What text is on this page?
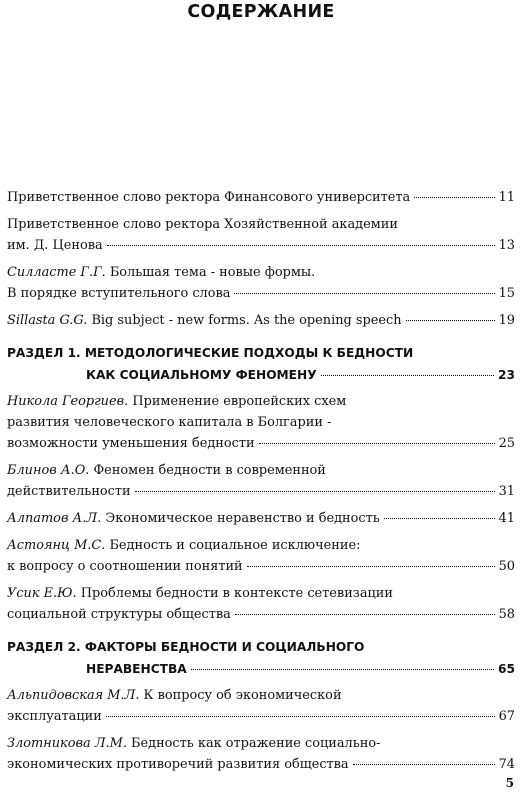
СОДЕРЖАНИЕ
Приветственное слово ректора Финансового университета	11
Приветственное слово ректора Хозяйственной академии
им. Д. Ценова	13
Силласте Г.Г. Большая тема - новые формы.
В порядке вступительного слова	15
Sillasta G.G. Big subject - new forms. As the opening speech	19
РАЗДЕЛ 1. МЕТОДОЛОГИЧЕСКИЕ ПОДХОДЫ К БЕДНОСТИ
КАК СОЦИАЛЬНОМУ ФЕНОМЕНУ	23
Никола Георгиев. Применение европейских схем
развития человеческого капитала в Болгарии -
возможности уменьшения бедности	25
Блинов А.О. Феномен бедности в современной
действительности	31
Алпатов А.Л. Экономическое неравенство и бедность	41
Астоянц М.С. Бедность и социальное исключение:
к вопросу о соотношении понятий	50
Усик Е.Ю. Проблемы бедности в контексте сетевизации
социальной структуры общества	58
РАЗДЕЛ 2. ФАКТОРЫ БЕДНОСТИ И СОЦИАЛЬНОГО
НЕРАВЕНСТВА	65
Альпидовская М.Л. К вопросу об экономической
эксплуатации	67
Злотникова Л.М. Бедность как отражение социально-
экономических противоречий развития общества	74
5
